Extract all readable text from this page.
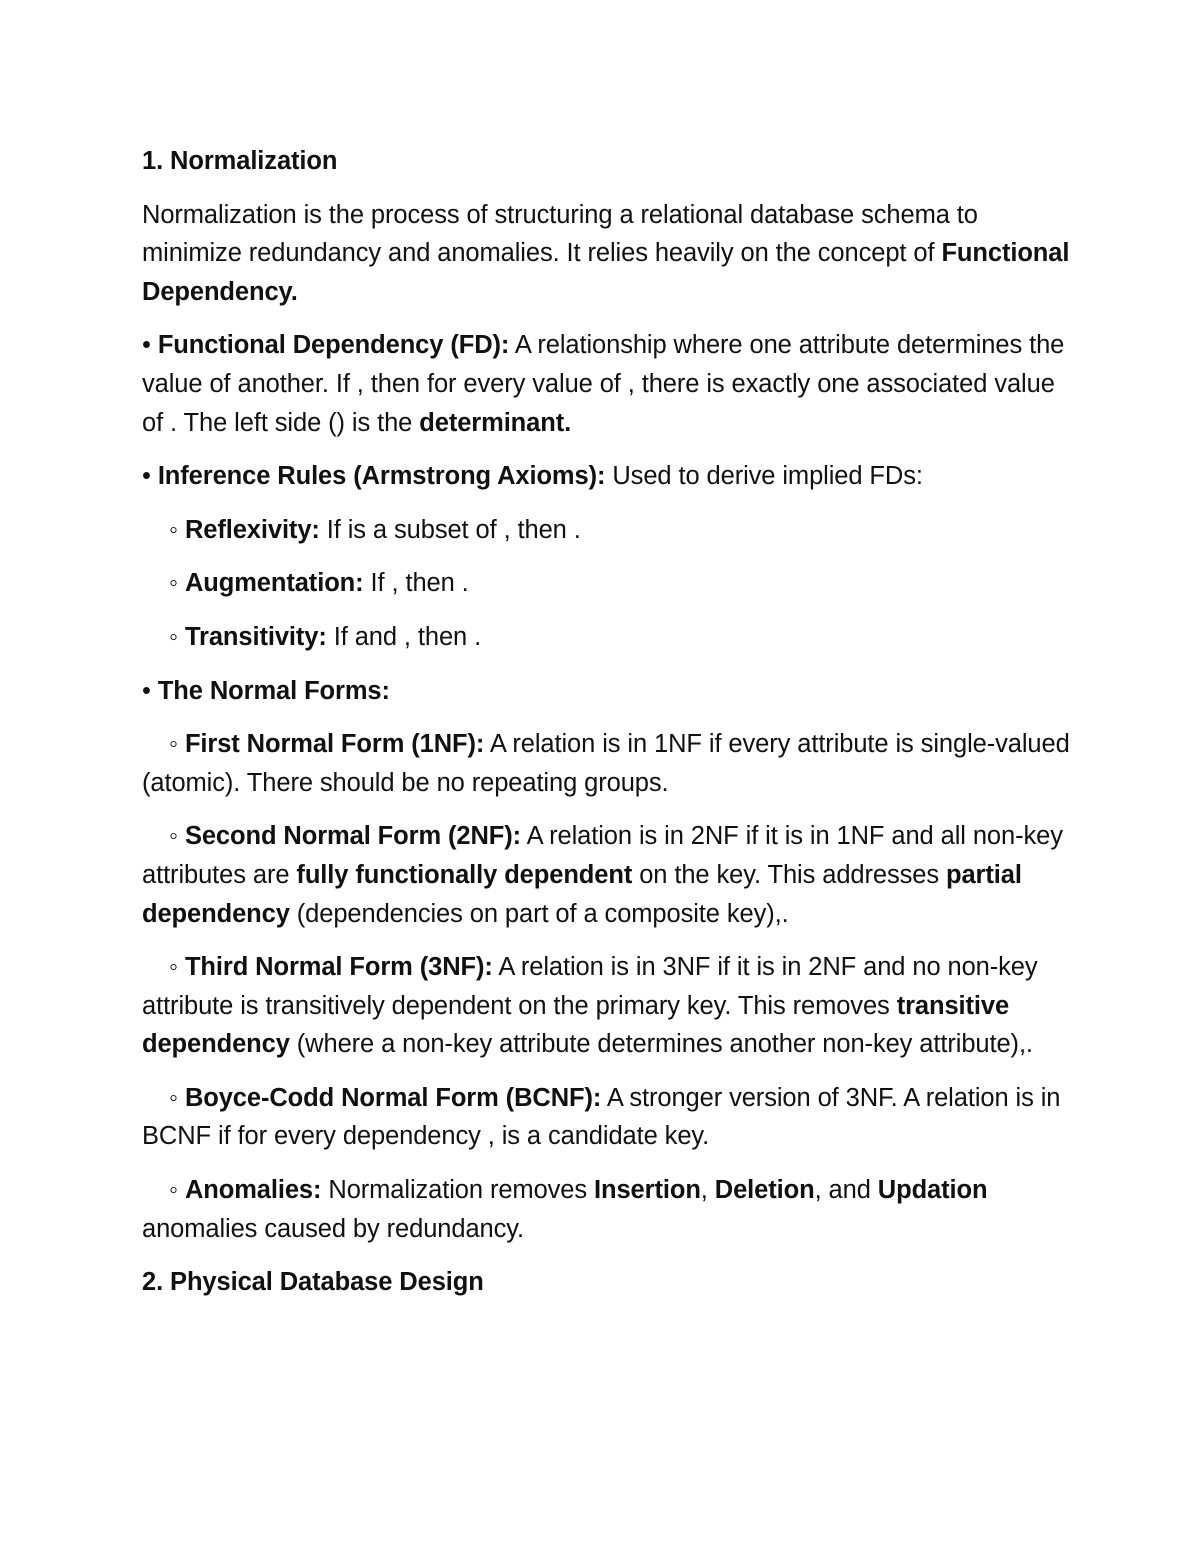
1. Normalization

Normalization is the process of structuring a relational database schema to minimize redundancy and anomalies. It relies heavily on the concept of Functional Dependency.

• Functional Dependency (FD): A relationship where one attribute determines the value of another. If , then for every value of , there is exactly one associated value of . The left side () is the determinant.

• Inference Rules (Armstrong Axioms): Used to derive implied FDs:

◦ Reflexivity: If is a subset of , then .

◦ Augmentation: If , then .

◦ Transitivity: If and , then .

• The Normal Forms:

◦ First Normal Form (1NF): A relation is in 1NF if every attribute is single-valued (atomic). There should be no repeating groups.

◦ Second Normal Form (2NF): A relation is in 2NF if it is in 1NF and all non-key attributes are fully functionally dependent on the key. This addresses partial dependency (dependencies on part of a composite key),.

◦ Third Normal Form (3NF): A relation is in 3NF if it is in 2NF and no non-key attribute is transitively dependent on the primary key. This removes transitive dependency (where a non-key attribute determines another non-key attribute),.

◦ Boyce-Codd Normal Form (BCNF): A stronger version of 3NF. A relation is in BCNF if for every dependency , is a candidate key.

◦ Anomalies: Normalization removes Insertion, Deletion, and Updation anomalies caused by redundancy.

2. Physical Database Design
